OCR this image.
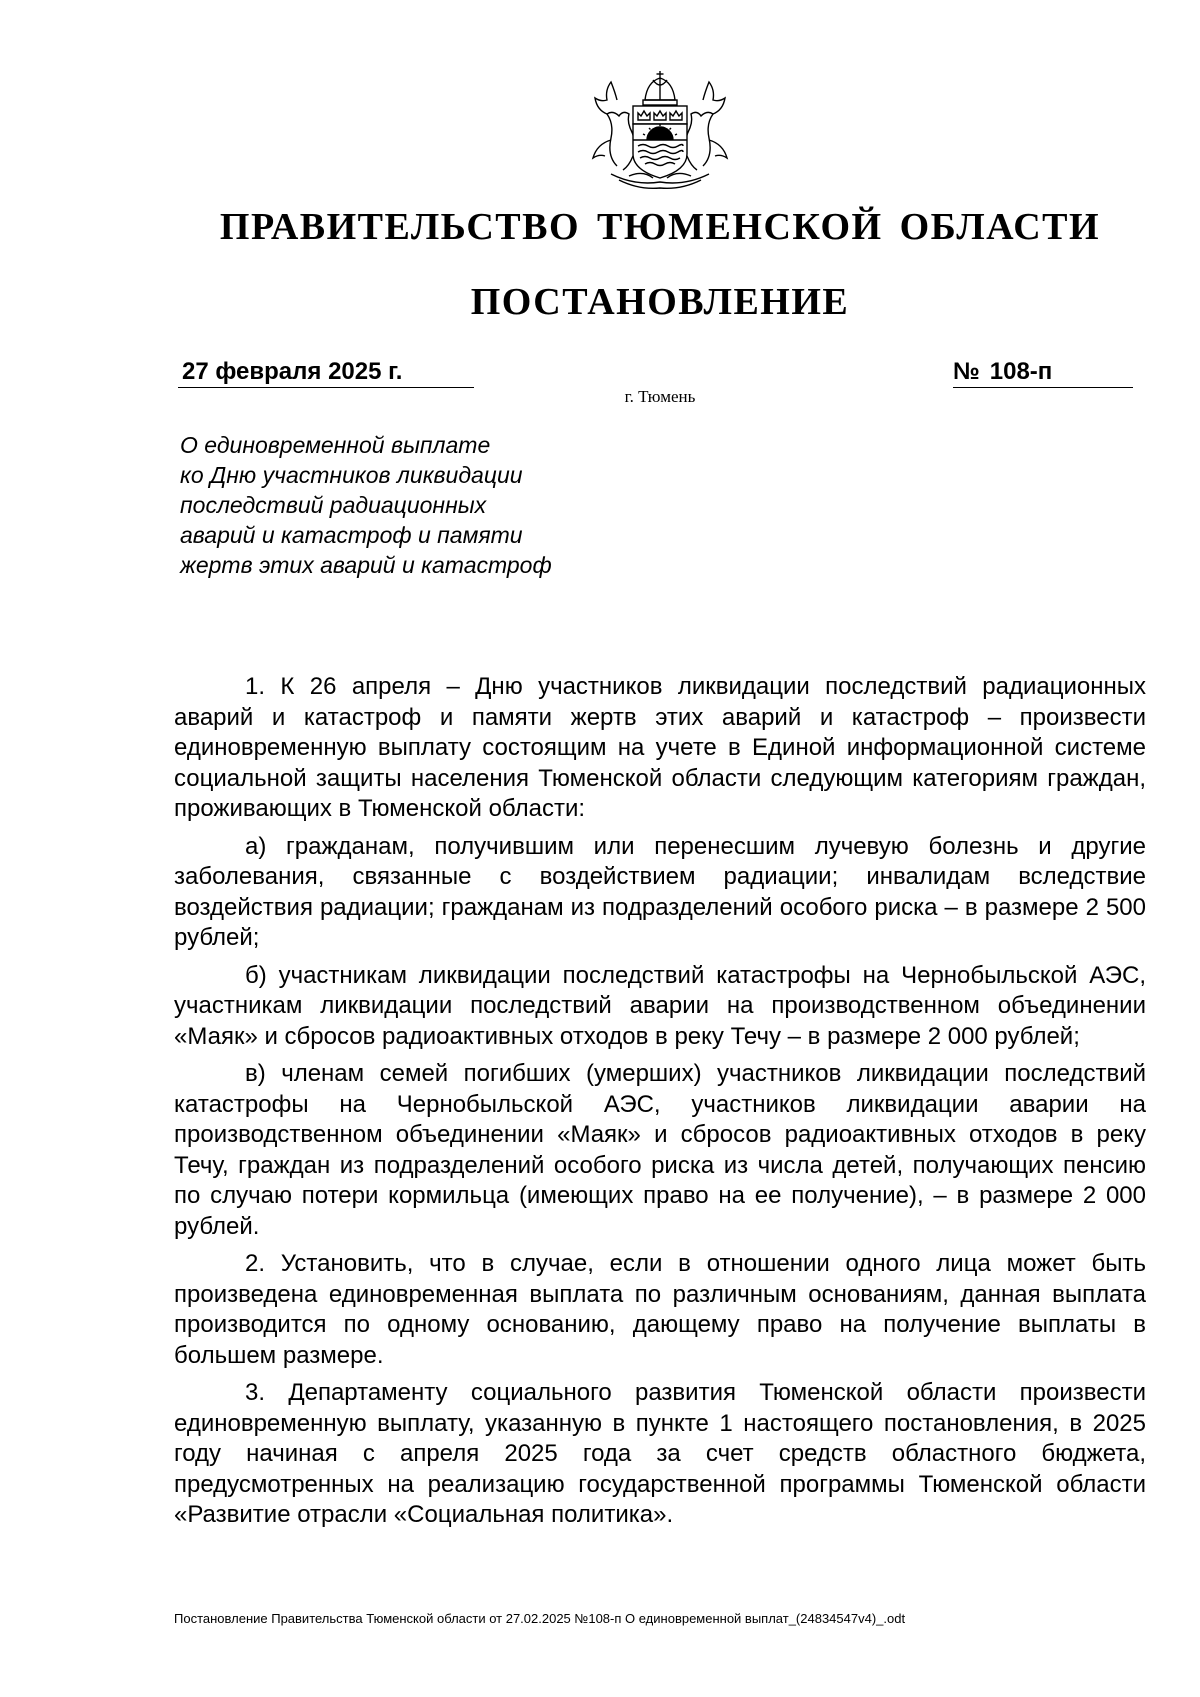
ПРАВИТЕЛЬСТВО ТЮМЕНСКОЙ ОБЛАСТИ
ПОСТАНОВЛЕНИЕ
27 февраля 2025 г.	№ 108-п
г. Тюмень
О единовременной выплате
ко Дню участников ликвидации
последствий радиационных
аварий и катастроф и памяти
жертв этих аварий и катастроф

1. К 26 апреля – Дню участников ликвидации последствий радиационных аварий и катастроф и памяти жертв этих аварий и катастроф – произвести единовременную выплату состоящим на учете в Единой информационной системе социальной защиты населения Тюменской области следующим категориям граждан, проживающих в Тюменской области:

а) гражданам, получившим или перенесшим лучевую болезнь и другие заболевания, связанные с воздействием радиации; инвалидам вследствие воздействия радиации; гражданам из подразделений особого риска – в размере 2 500 рублей;

б) участникам ликвидации последствий катастрофы на Чернобыльской АЭС, участникам ликвидации последствий аварии на производственном объединении «Маяк» и сбросов радиоактивных отходов в реку Течу – в размере 2 000 рублей;

в) членам семей погибших (умерших) участников ликвидации последствий катастрофы на Чернобыльской АЭС, участников ликвидации аварии на производственном объединении «Маяк» и сбросов радиоактивных отходов в реку Течу, граждан из подразделений особого риска из числа детей, получающих пенсию по случаю потери кормильца (имеющих право на ее получение), – в размере 2 000 рублей.

2. Установить, что в случае, если в отношении одного лица может быть произведена единовременная выплата по различным основаниям, данная выплата производится по одному основанию, дающему право на получение выплаты в большем размере.

3. Департаменту социального развития Тюменской области произвести единовременную выплату, указанную в пункте 1 настоящего постановления, в 2025 году начиная с апреля 2025 года за счет средств областного бюджета, предусмотренных на реализацию государственной программы Тюменской области «Развитие отрасли «Социальная политика».

Постановление Правительства Тюменской области от 27.02.2025 №108-п О единовременной выплат_(24834547v4)_.odt
